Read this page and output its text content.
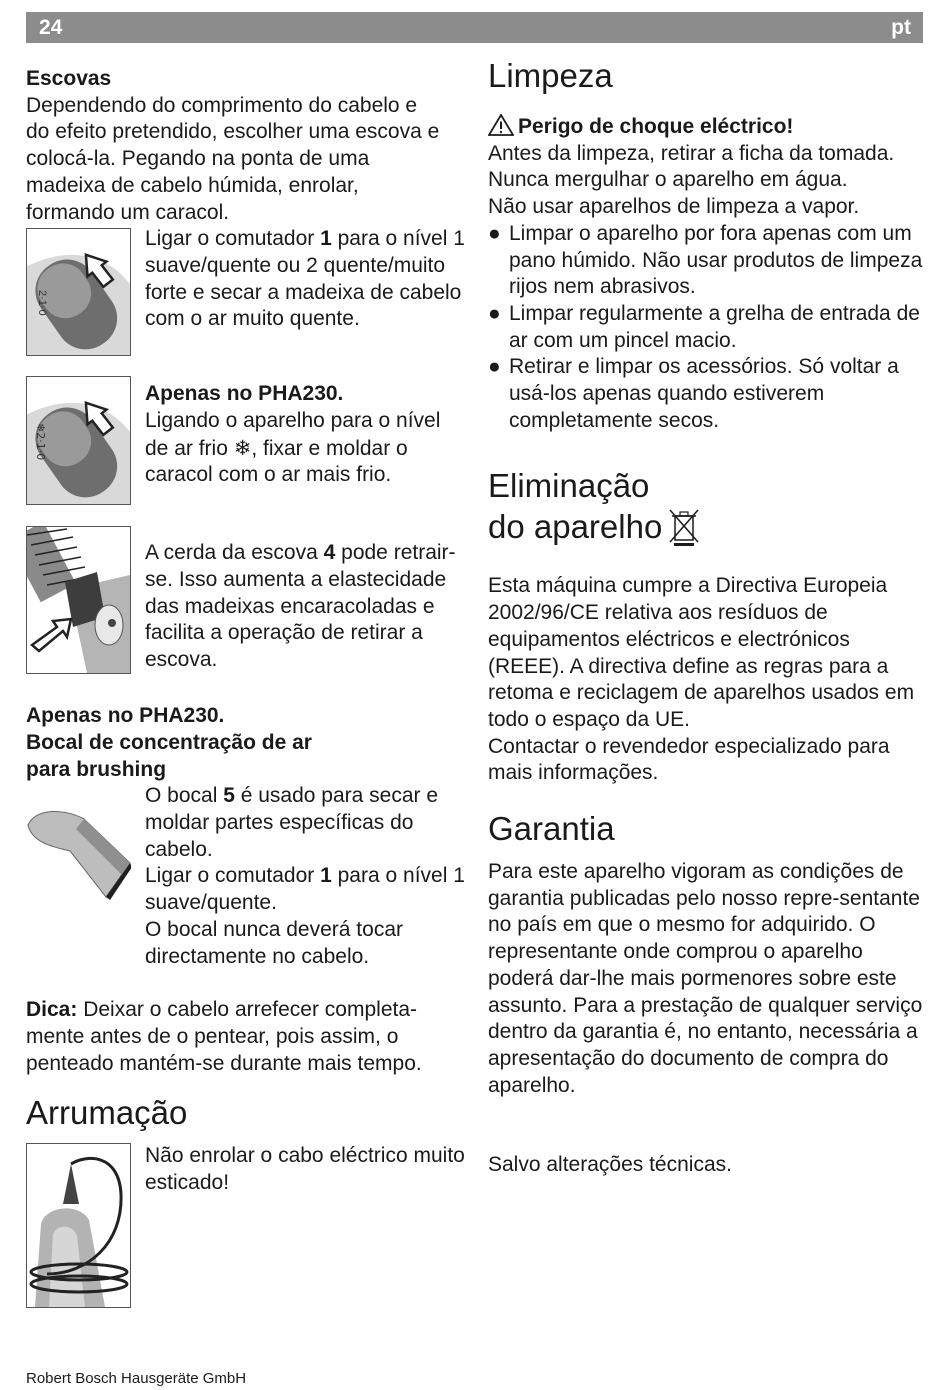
24	pt

Escovas

Dependendo do comprimento do cabelo e do efeito pretendido, escolher uma escova e colocá-la. Pegando na ponta de uma madeixa de cabelo húmida, enrolar, formando um caracol.

2·1·0

Ligar o comutador 1 para o nível 1 suave/quente ou 2 quente/muito forte e secar a madeixa de cabelo com o ar muito quente.

❄2·1·0

Apenas no PHA230.

Ligando o aparelho para o nível de ar frio ❄, fixar e moldar o caracol com o ar mais frio.

A cerda da escova 4 pode retrair-se. Isso aumenta a elastecidade das madeixas encaracoladas e facilita a operação de retirar a escova.

Apenas no PHA230.

Bocal de concentração de ar

para brushing

O bocal 5 é usado para secar e moldar partes específicas do cabelo.

Ligar o comutador 1 para o nível 1 suave/quente.

O bocal nunca deverá tocar directamente no cabelo.

Dica: Deixar o cabelo arrefecer completa-mente antes de o pentear, pois assim, o penteado mantém-se durante mais tempo.

Arrumação

Não enrolar o cabo eléctrico muito esticado!

Limpeza

Perigo de choque eléctrico!

Antes da limpeza, retirar a ficha da tomada.

Nunca mergulhar o aparelho em água.

Não usar aparelhos de limpeza a vapor.

● Limpar o aparelho por fora apenas com um pano húmido. Não usar produtos de limpeza rijos nem abrasivos.

● Limpar regularmente a grelha de entrada de ar com um pincel macio.

● Retirar e limpar os acessórios. Só voltar a usá-los apenas quando estiverem completamente secos.

Eliminação
do aparelho

Esta máquina cumpre a Directiva Europeia 2002/96/CE relativa aos resíduos de equipamentos eléctricos e electrónicos (REEE). A directiva define as regras para a retoma e reciclagem de aparelhos usados em todo o espaço da UE.

Contactar o revendedor especializado para mais informações.

Garantia

Para este aparelho vigoram as condições de garantia publicadas pelo nosso repre-sentante no país em que o mesmo for adquirido. O representante onde comprou o aparelho poderá dar-lhe mais pormenores sobre este assunto. Para a prestação de qualquer serviço dentro da garantia é, no entanto, necessária a apresentação do documento de compra do aparelho.

Salvo alterações técnicas.

Robert Bosch Hausgeräte GmbH
